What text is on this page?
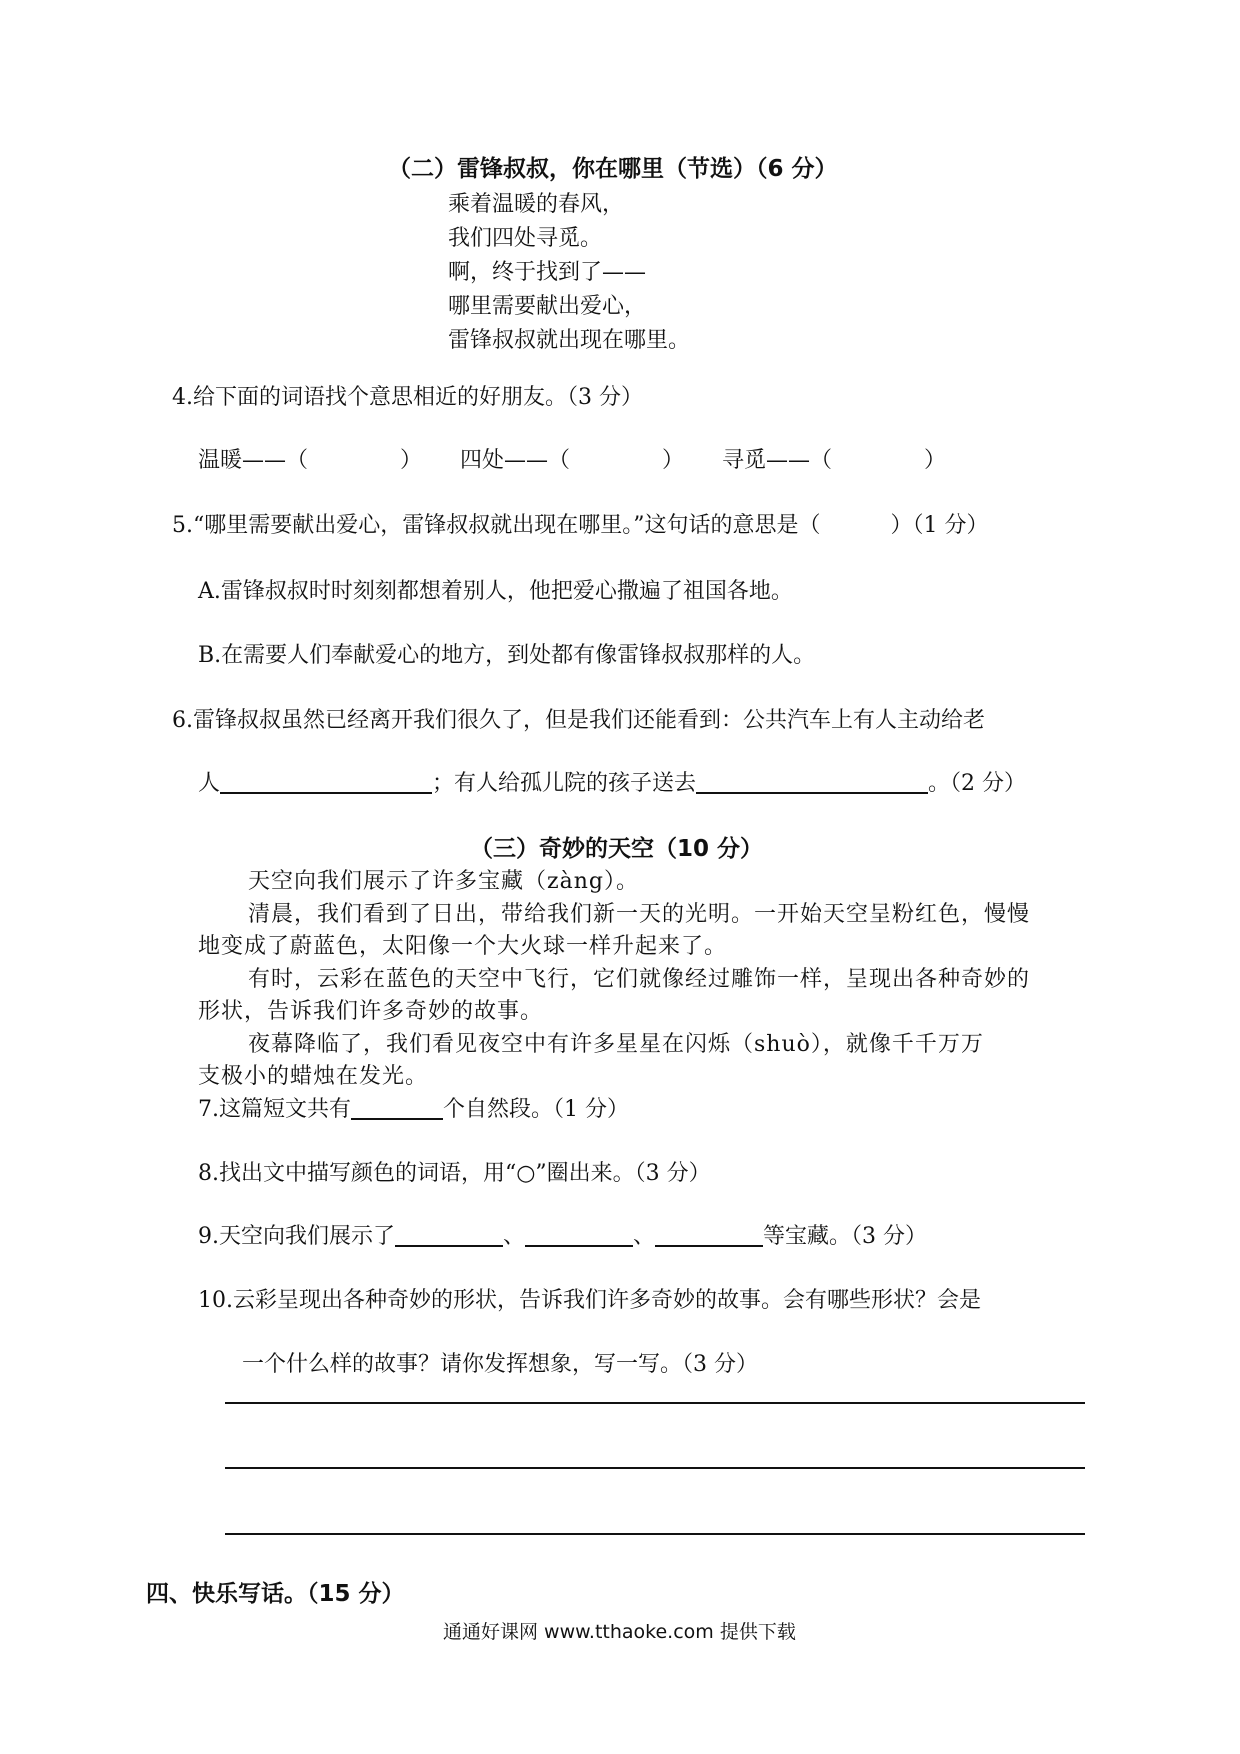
（二）雷锋叔叔，你在哪里（节选）（6 分）
乘着温暖的春风，
我们四处寻觅。
啊，终于找到了——
哪里需要献出爱心，
雷锋叔叔就出现在哪里。
4.给下面的词语找个意思相近的好朋友。（3 分）
温暖——（	） 四处——（	） 寻觅——（	）
5.“哪里需要献出爱心，雷锋叔叔就出现在哪里。”这句话的意思是（	）（1 分）
A.雷锋叔叔时时刻刻都想着别人，他把爱心撒遍了祖国各地。
B.在需要人们奉献爱心的地方，到处都有像雷锋叔叔那样的人。
6.雷锋叔叔虽然已经离开我们很久了，但是我们还能看到：公共汽车上有人主动给老
人	；有人给孤儿院的孩子送去	。（2 分）
（三）奇妙的天空（10 分）
天空向我们展示了许多宝藏（zàng）。
清晨，我们看到了日出，带给我们新一天的光明。一开始天空呈粉红色，慢慢
地变成了蔚蓝色，太阳像一个大火球一样升起来了。
有时，云彩在蓝色的天空中飞行，它们就像经过雕饰一样，呈现出各种奇妙的
形状，告诉我们许多奇妙的故事。
夜幕降临了，我们看见夜空中有许多星星在闪烁（shuò），就像千千万万
支极小的蜡烛在发光。
7.这篇短文共有	个自然段。（1 分）
8.找出文中描写颜色的词语，用“○”圈出来。（3 分）
9.天空向我们展示了	、	、	等宝藏。（3 分）
10.云彩呈现出各种奇妙的形状，告诉我们许多奇妙的故事。会有哪些形状？会是
一个什么样的故事？请你发挥想象，写一写。（3 分）
四、快乐写话。（15 分）
通通好课网 www.tthaoke.com 提供下载
